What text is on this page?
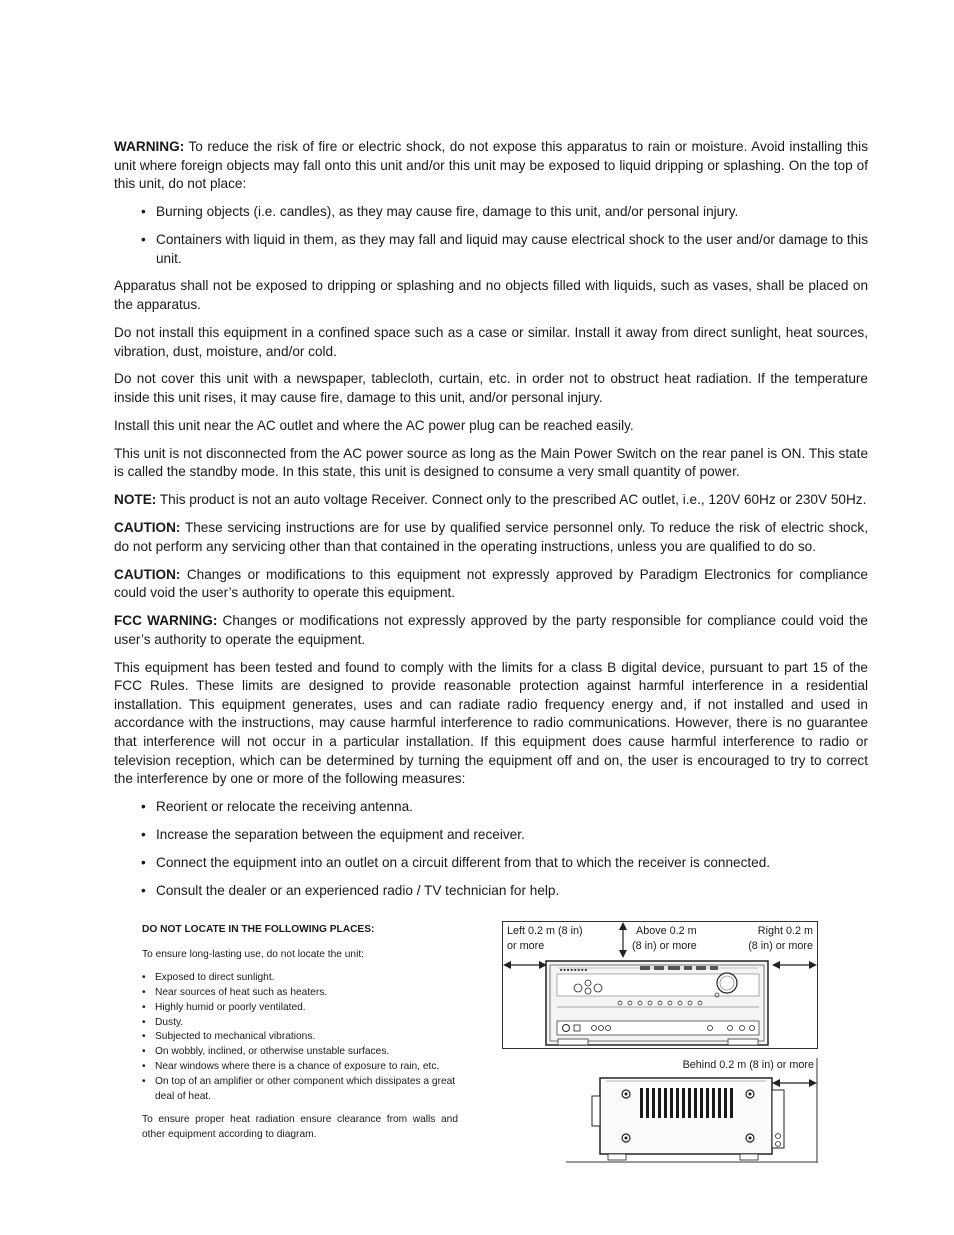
WARNING: To reduce the risk of fire or electric shock, do not expose this apparatus to rain or moisture. Avoid installing this unit where foreign objects may fall onto this unit and/or this unit may be exposed to liquid dripping or splashing. On the top of this unit, do not place:

• Burning objects (i.e. candles), as they may cause fire, damage to this unit, and/or personal injury.
• Containers with liquid in them, as they may fall and liquid may cause electrical shock to the user and/or damage to this unit.

Apparatus shall not be exposed to dripping or splashing and no objects filled with liquids, such as vases, shall be placed on the apparatus.

Do not install this equipment in a confined space such as a case or similar. Install it away from direct sunlight, heat sources, vibration, dust, moisture, and/or cold.

Do not cover this unit with a newspaper, tablecloth, curtain, etc. in order not to obstruct heat radiation. If the temperature inside this unit rises, it may cause fire, damage to this unit, and/or personal injury.

Install this unit near the AC outlet and where the AC power plug can be reached easily.

This unit is not disconnected from the AC power source as long as the Main Power Switch on the rear panel is ON. This state is called the standby mode. In this state, this unit is designed to consume a very small quantity of power.

NOTE: This product is not an auto voltage Receiver. Connect only to the prescribed AC outlet, i.e., 120V 60Hz or 230V 50Hz.

CAUTION: These servicing instructions are for use by qualified service personnel only. To reduce the risk of electric shock, do not perform any servicing other than that contained in the operating instructions, unless you are qualified to do so.

CAUTION: Changes or modifications to this equipment not expressly approved by Paradigm Electronics for compliance could void the user’s authority to operate this equipment.

FCC WARNING: Changes or modifications not expressly approved by the party responsible for compliance could void the user’s authority to operate the equipment.

This equipment has been tested and found to comply with the limits for a class B digital device, pursuant to part 15 of the FCC Rules. These limits are designed to provide reasonable protection against harmful interference in a residential installation. This equipment generates, uses and can radiate radio frequency energy and, if not installed and used in accordance with the instructions, may cause harmful interference to radio communications. However, there is no guarantee that interference will not occur in a particular installation. If this equipment does cause harmful interference to radio or television reception, which can be determined by turning the equipment off and on, the user is encouraged to try to correct the interference by one or more of the following measures:

• Reorient or relocate the receiving antenna.
• Increase the separation between the equipment and receiver.
• Connect the equipment into an outlet on a circuit different from that to which the receiver is connected.
• Consult the dealer or an experienced radio / TV technician for help.

DO NOT LOCATE IN THE FOLLOWING PLACES:

To ensure long-lasting use, do not locate the unit:

• Exposed to direct sunlight.
• Near sources of heat such as heaters.
• Highly humid or poorly ventilated.
• Dusty.
• Subjected to mechanical vibrations.
• On wobbly, inclined, or otherwise unstable surfaces.
• Near windows where there is a chance of exposure to rain, etc.
• On top of an amplifier or other component which dissipates a great deal of heat.

To ensure proper heat radiation ensure clearance from walls and other equipment according to diagram.

■ ■ ■ ■ ■ ■ ■ ■
Left 0.2 m (8 in)
or more
Above 0.2 m
(8 in) or more
Right 0.2 m
(8 in) or more
Behind 0.2 m (8 in) or more
